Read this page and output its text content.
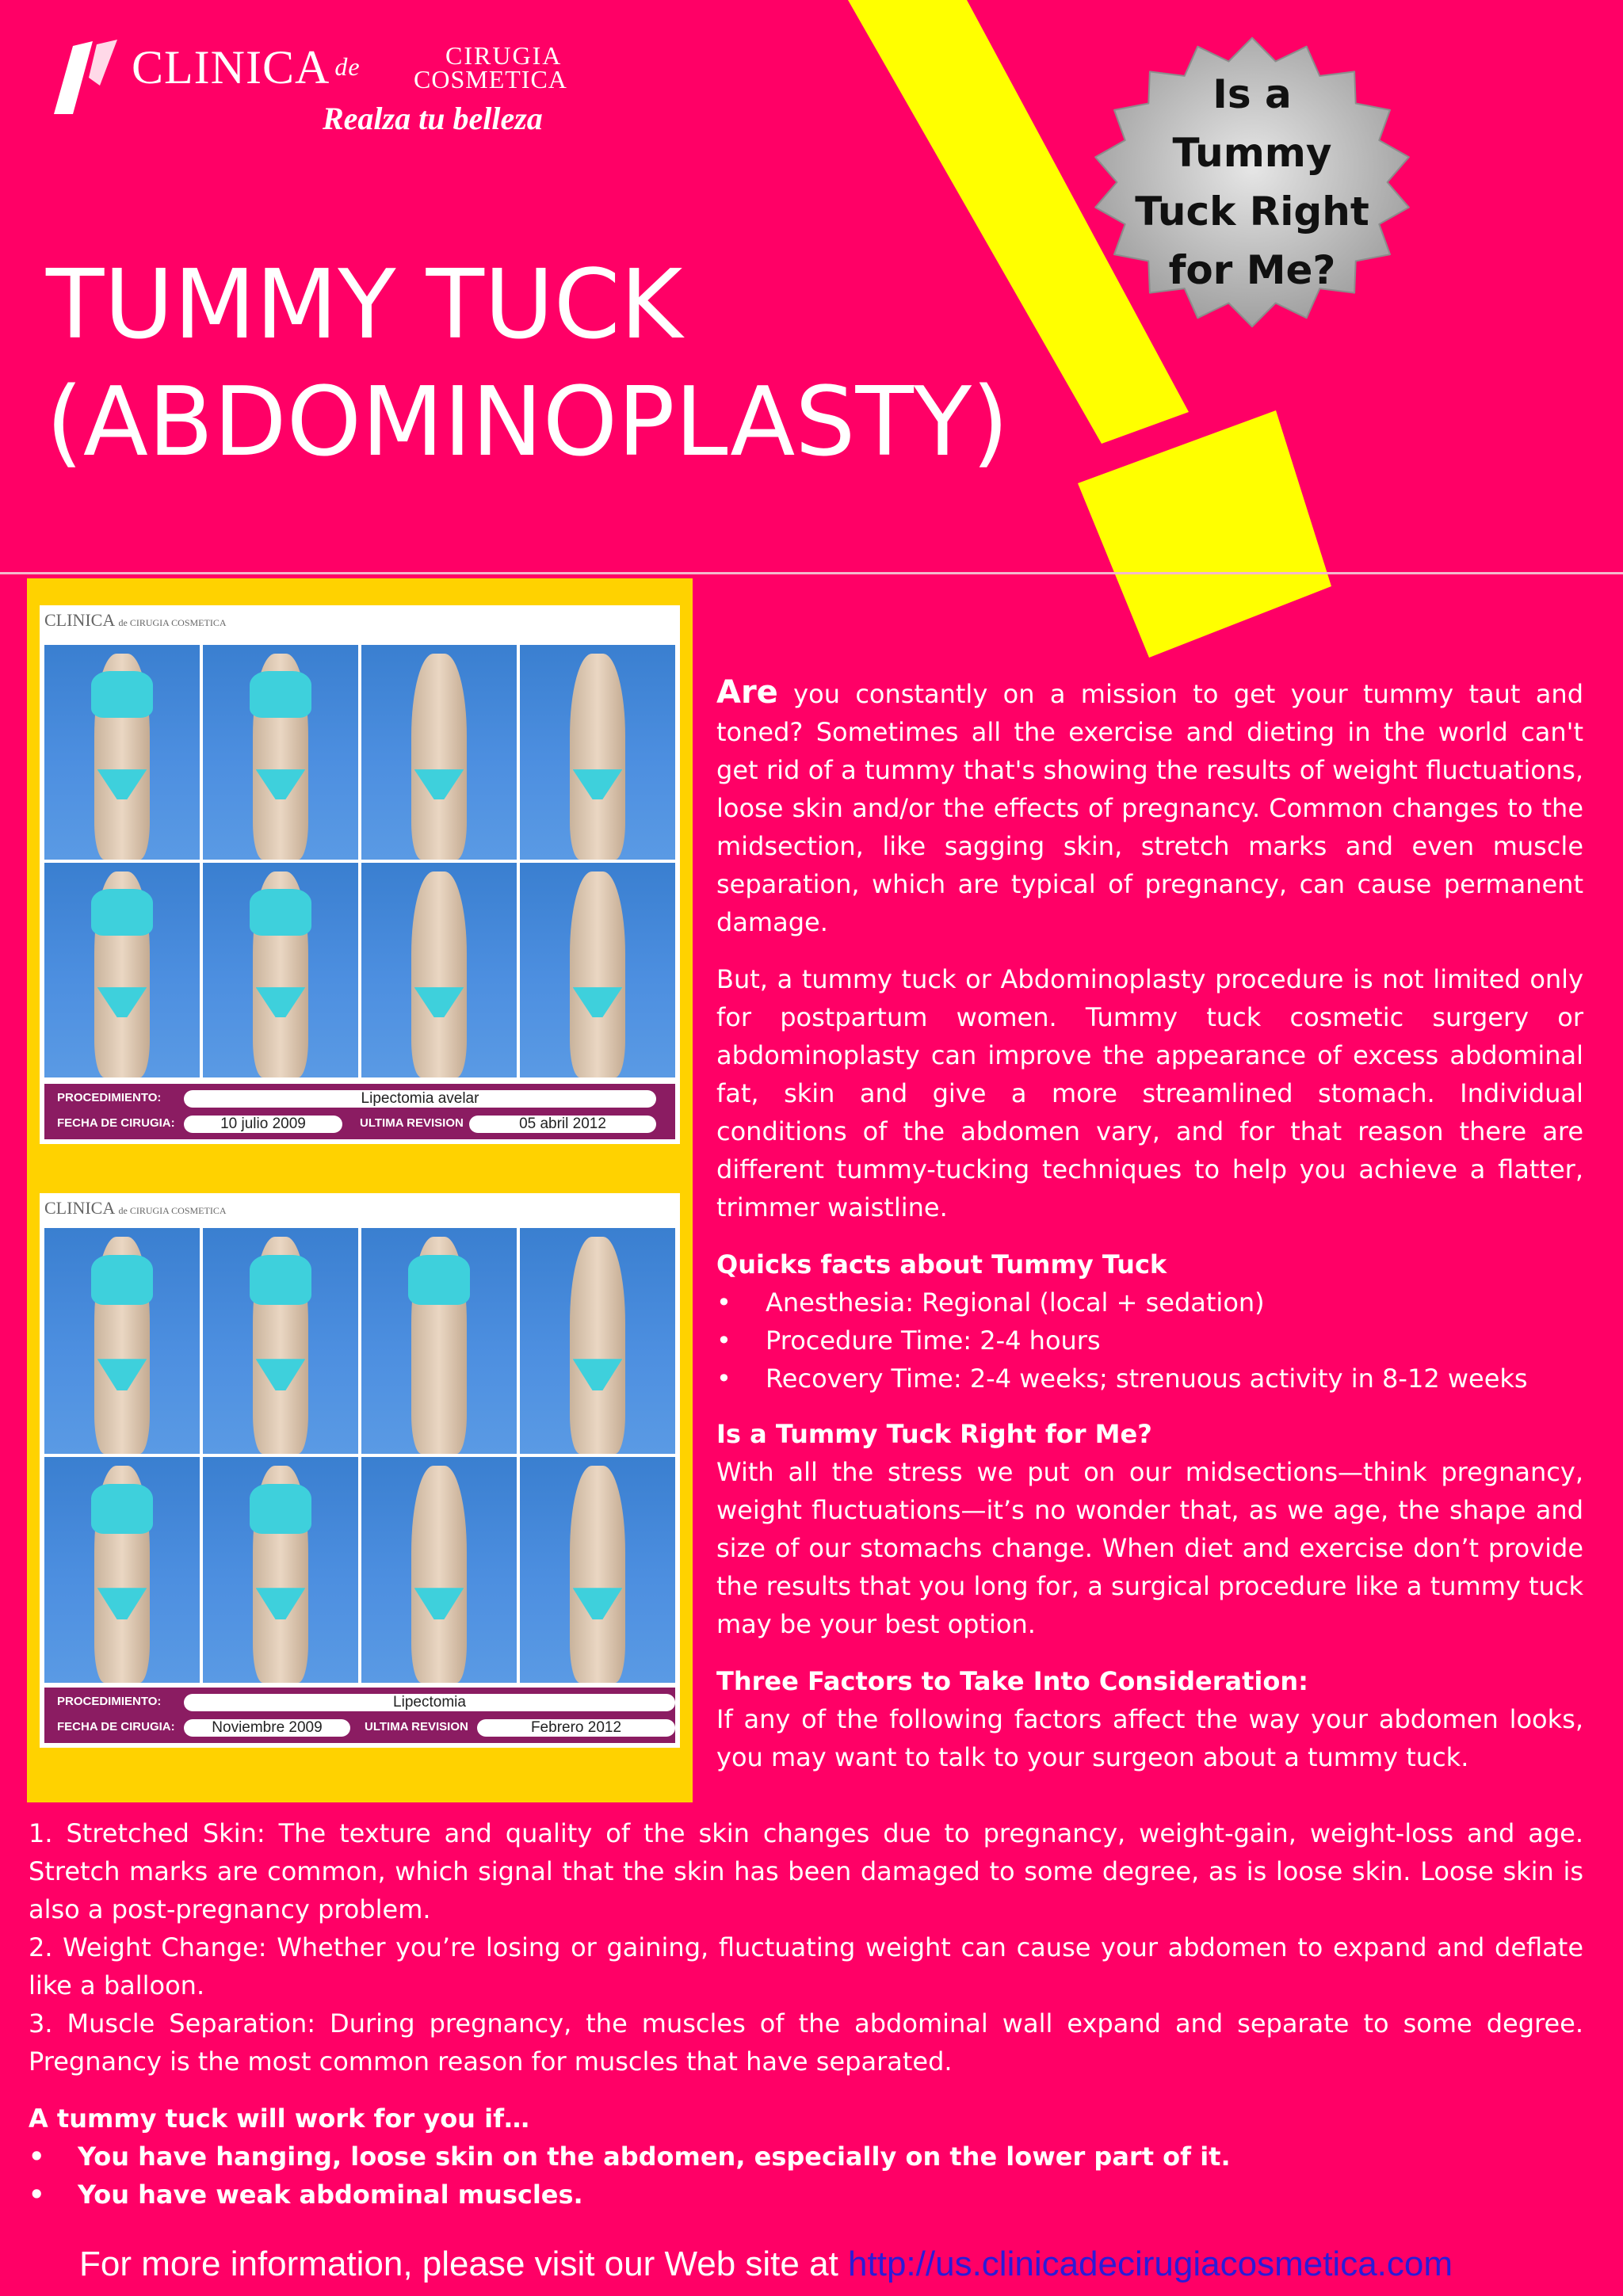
CLINICA de	CIRUGIA
COSMETICA
Realza tu belleza
Is a
Tummy
Tuck Right
for Me?
TUMMY TUCK
(ABDOMINOPLASTY)
CLINICA de CIRUGIA COSMETICA
PROCEDIMIENTO:	Lipectomia avelar
FECHA DE CIRUGIA:	10 julio 2009	ULTIMA REVISION	05 abril 2012
CLINICA de CIRUGIA COSMETICA
PROCEDIMIENTO:	Lipectomia
FECHA DE CIRUGIA:	Noviembre 2009	ULTIMA REVISION	Febrero 2012

Are you constantly on a mission to get your tummy taut and toned? Sometimes all the exercise and dieting in the world can't get rid of a tummy that's showing the results of weight fluctuations, loose skin and/or the effects of pregnancy. Common changes to the midsection, like sagging skin, stretch marks and even muscle separation, which are typical of pregnancy, can cause permanent damage.

But, a tummy tuck or Abdominoplasty procedure is not limited only for postpartum women. Tummy tuck cosmetic surgery or abdominoplasty can improve the appearance of excess abdominal fat, skin and give a more streamlined stomach. Individual conditions of the abdomen vary, and for that reason there are different tummy-tucking techniques to help you achieve a flatter, trimmer waistline.

Quicks facts about Tummy Tuck
• Anesthesia: Regional (local + sedation)
• Procedure Time: 2-4 hours
• Recovery Time: 2-4 weeks; strenuous activity in 8-12 weeks
Is a Tummy Tuck Right for Me?

With all the stress we put on our midsections—think pregnancy, weight fluctuations—it’s no wonder that, as we age, the shape and size of our stomachs change. When diet and exercise don’t provide the results that you long for, a surgical procedure like a tummy tuck may be your best option.

Three Factors to Take Into Consideration:

If any of the following factors affect the way your abdomen looks, you may want to talk to your surgeon about a tummy tuck.

1. Stretched Skin: The texture and quality of the skin changes due to pregnancy, weight-gain, weight-loss and age. Stretch marks are common, which signal that the skin has been damaged to some degree, as is loose skin. Loose skin is also a post-pregnancy problem.

2. Weight Change: Whether you’re losing or gaining, fluctuating weight can cause your abdomen to expand and deflate like a balloon.

3. Muscle Separation: During pregnancy, the muscles of the abdominal wall expand and separate to some degree. Pregnancy is the most common reason for muscles that have separated.

A tummy tuck will work for you if…
• You have hanging, loose skin on the abdomen, especially on the lower part of it.
• You have weak abdominal muscles.
For more information, please visit our Web site at http://us.clinicadecirugiacosmetica.com
